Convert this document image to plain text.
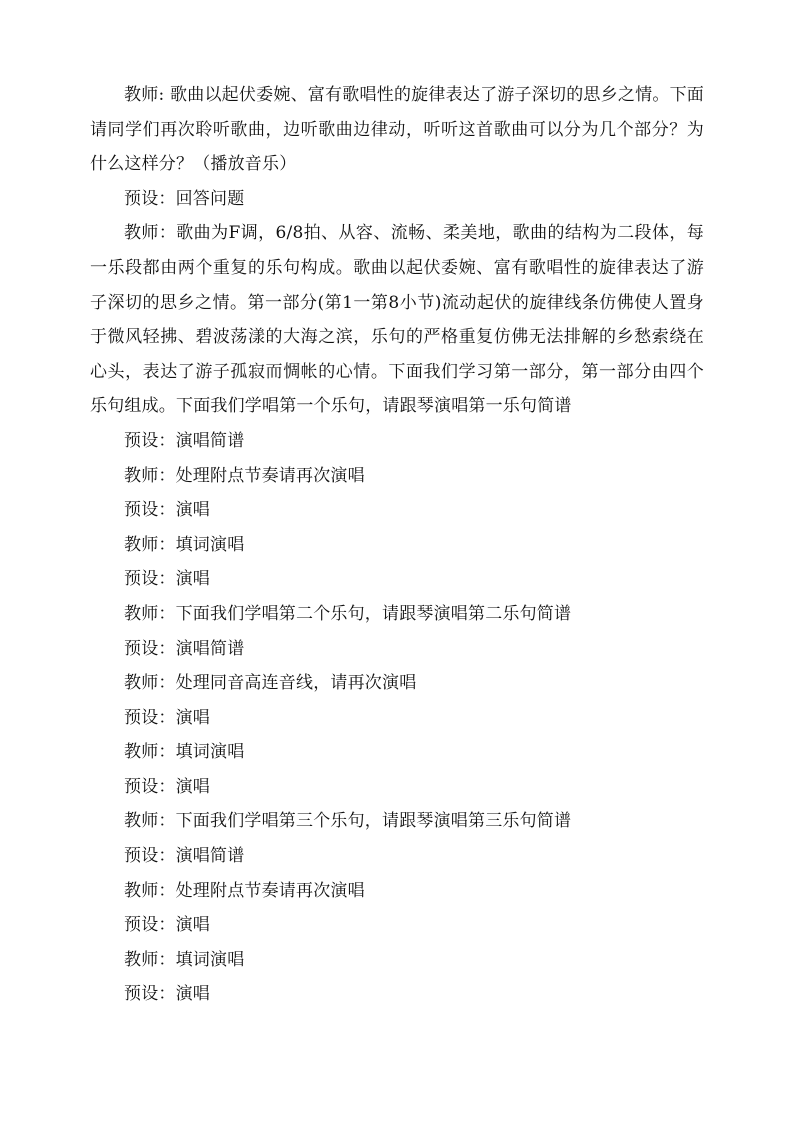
教师: 歌曲以起伏委婉、富有歌唱性的旋律表达了游子深切的思乡之情。下面请同学们再次聆听歌曲，边听歌曲边律动，听听这首歌曲可以分为几个部分？为什么这样分？（播放音乐）

预设：回答问题

教师：歌曲为F调，6/8拍、从容、流畅、柔美地，歌曲的结构为二段体，每一乐段都由两个重复的乐句构成。歌曲以起伏委婉、富有歌唱性的旋律表达了游子深切的思乡之情。第一部分(第1一第8小节)流动起伏的旋律线条仿佛使人置身于微风轻拂、碧波荡漾的大海之滨，乐句的严格重复仿佛无法排解的乡愁索绕在心头，表达了游子孤寂而惆帐的心情。下面我们学习第一部分，第一部分由四个乐句组成。下面我们学唱第一个乐句，请跟琴演唱第一乐句简谱

预设：演唱简谱

教师：处理附点节奏请再次演唱

预设：演唱

教师：填词演唱

预设：演唱

教师：下面我们学唱第二个乐句，请跟琴演唱第二乐句简谱

预设：演唱简谱

教师：处理同音高连音线，请再次演唱

预设：演唱

教师：填词演唱

预设：演唱

教师：下面我们学唱第三个乐句，请跟琴演唱第三乐句简谱

预设：演唱简谱

教师：处理附点节奏请再次演唱

预设：演唱

教师：填词演唱

预设：演唱
